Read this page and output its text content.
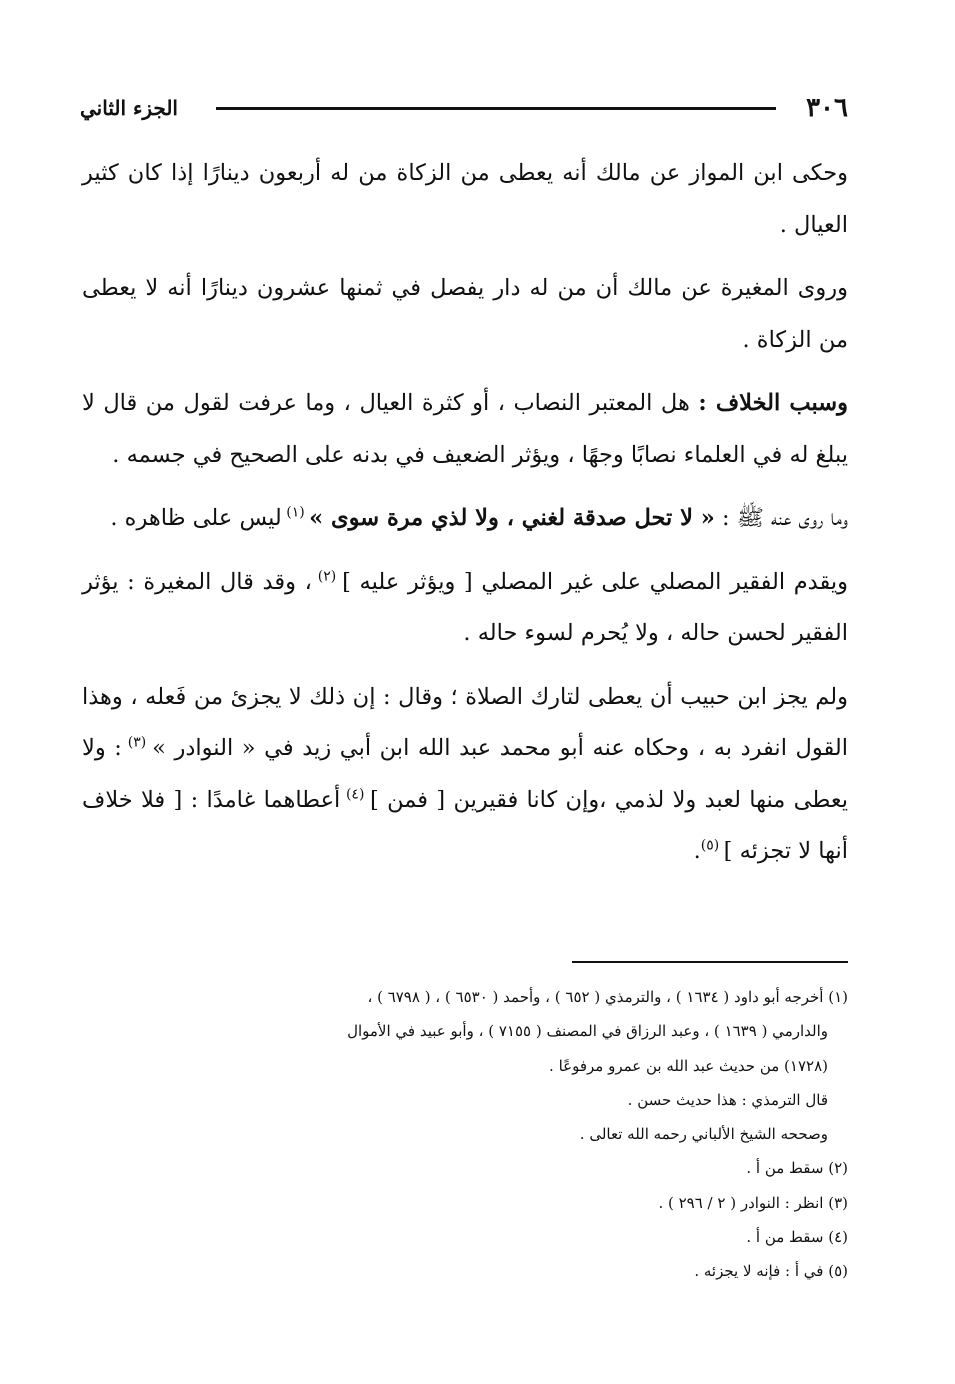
٣٠٦
الجزء الثاني

وحكى ابن المواز عن مالك أنه يعطى من الزكاة من له أربعون دينارًا إذا كان كثير العيال .

وروى المغيرة عن مالك أن من له دار يفصل في ثمنها عشرون دينارًا أنه لا يعطى من الزكاة .

وسبب الخلاف : هل المعتبر النصاب ، أو كثرة العيال ، وما عرفت لقول من قال لا يبلغ له في العلماء نصابًا وجهًا ، ويؤثر الضعيف في بدنه على الصحيح في جسمه .

وما روى عنه ﷺ : « لا تحل صدقة لغني ، ولا لذي مرة سوى » $^{(١)}$ ليس على ظاهره .

ويقدم الفقير المصلي على غير المصلي [ ويؤثر عليه ] $^{(٢)}$ ، وقد قال المغيرة : يؤثر الفقير لحسن حاله ، ولا يُحرم لسوء حاله .

ولم يجز ابن حبيب أن يعطى لتارك الصلاة ؛ وقال : إن ذلك لا يجزئ من فَعله ، وهذا القول انفرد به ، وحكاه عنه أبو محمد عبد الله ابن أبي زيد في « النوادر » $^{(٣)}$ : ولا يعطى منها لعبد ولا لذمي ،وإن كانا فقيرين [ فمن ] $^{(٤)}$ أعطاهما غامدًا : [ فلا خلاف أنها لا تجزئه ] $^{(٥)}$.

(١) أخرجه أبو داود ( ١٦٣٤ ) ، والترمذي ( ٦٥٢ ) ، وأحمد ( ٦٥٣٠ ) ، ( ٦٧٩٨ ) ،

والدارمي ( ١٦٣٩ ) ، وعبد الرزاق في المصنف ( ٧١٥٥ ) ، وأبو عبيد في الأموال

(١٧٢٨) من حديث عبد الله بن عمرو مرفوعًا .

قال الترمذي : هذا حديث حسن .

وصححه الشيخ الألباني رحمه الله تعالى .

(٢) سقط من أ .

(٣) انظر : النوادر ( ٢ / ٢٩٦ ) .

(٤) سقط من أ .

(٥) في أ : فإنه لا يجزئه .
